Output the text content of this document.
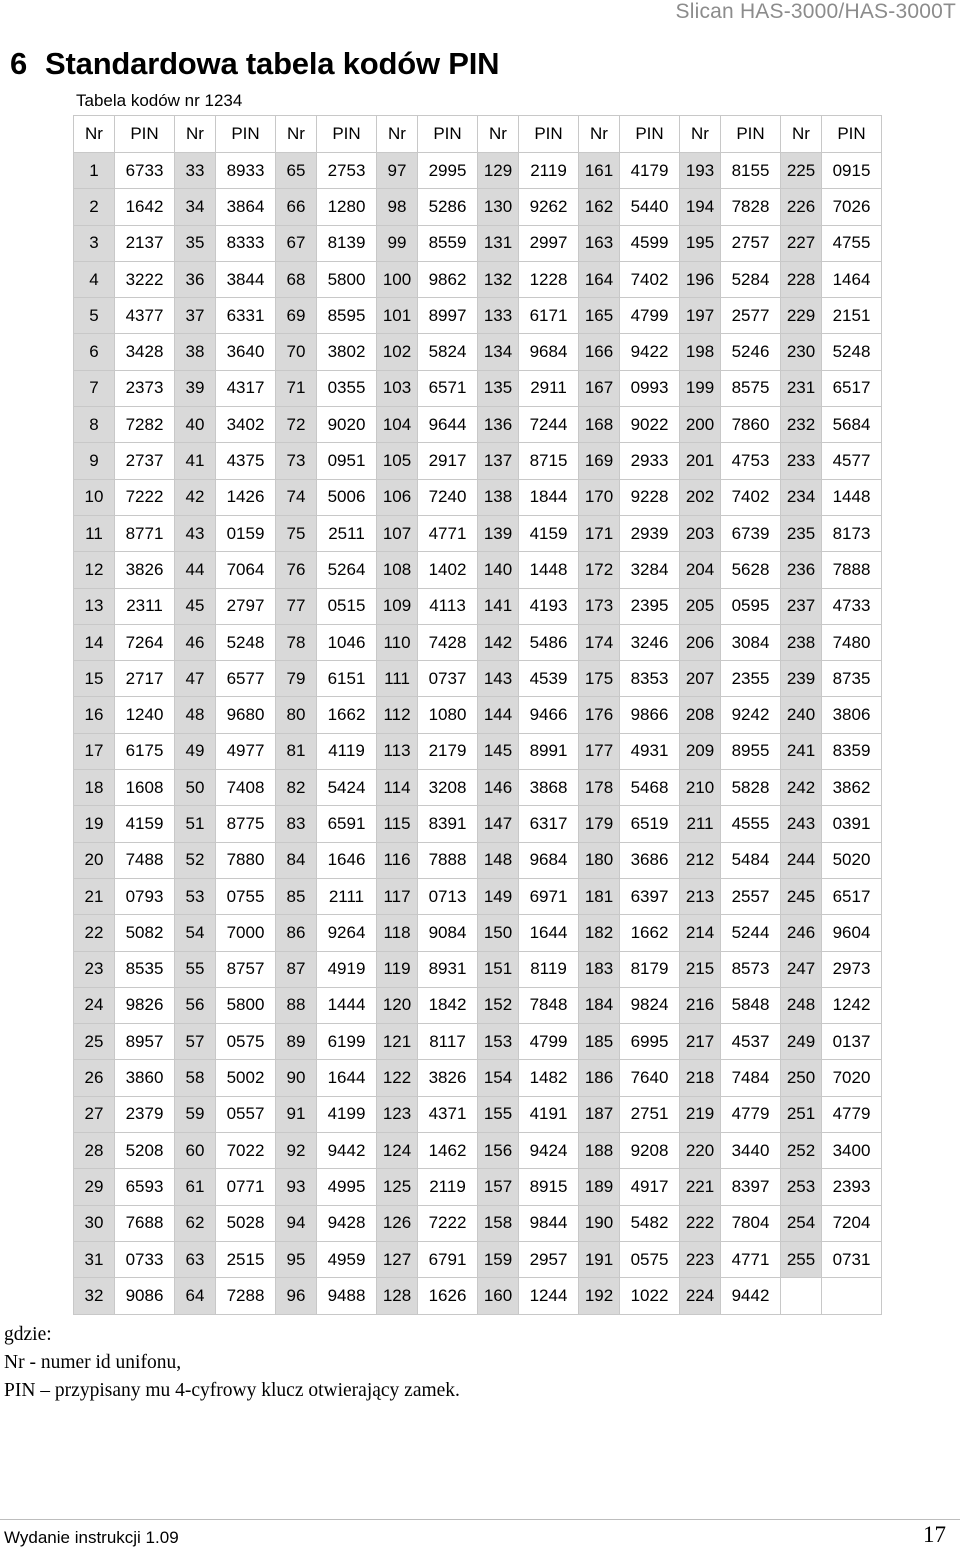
Slican HAS-3000/HAS-3000T
6 Standardowa tabela kodów PIN
Tabela kodów nr 1234
Nr	PIN	Nr	PIN	Nr	PIN	Nr	PIN	Nr	PIN	Nr	PIN	Nr	PIN	Nr	PIN
1	6733	33	8933	65	2753	97	2995	129	2119	161	4179	193	8155	225	0915
2	1642	34	3864	66	1280	98	5286	130	9262	162	5440	194	7828	226	7026
3	2137	35	8333	67	8139	99	8559	131	2997	163	4599	195	2757	227	4755
4	3222	36	3844	68	5800	100	9862	132	1228	164	7402	196	5284	228	1464
5	4377	37	6331	69	8595	101	8997	133	6171	165	4799	197	2577	229	2151
6	3428	38	3640	70	3802	102	5824	134	9684	166	9422	198	5246	230	5248
7	2373	39	4317	71	0355	103	6571	135	2911	167	0993	199	8575	231	6517
8	7282	40	3402	72	9020	104	9644	136	7244	168	9022	200	7860	232	5684
9	2737	41	4375	73	0951	105	2917	137	8715	169	2933	201	4753	233	4577
10	7222	42	1426	74	5006	106	7240	138	1844	170	9228	202	7402	234	1448
11	8771	43	0159	75	2511	107	4771	139	4159	171	2939	203	6739	235	8173
12	3826	44	7064	76	5264	108	1402	140	1448	172	3284	204	5628	236	7888
13	2311	45	2797	77	0515	109	4113	141	4193	173	2395	205	0595	237	4733
14	7264	46	5248	78	1046	110	7428	142	5486	174	3246	206	3084	238	7480
15	2717	47	6577	79	6151	111	0737	143	4539	175	8353	207	2355	239	8735
16	1240	48	9680	80	1662	112	1080	144	9466	176	9866	208	9242	240	3806
17	6175	49	4977	81	4119	113	2179	145	8991	177	4931	209	8955	241	8359
18	1608	50	7408	82	5424	114	3208	146	3868	178	5468	210	5828	242	3862
19	4159	51	8775	83	6591	115	8391	147	6317	179	6519	211	4555	243	0391
20	7488	52	7880	84	1646	116	7888	148	9684	180	3686	212	5484	244	5020
21	0793	53	0755	85	2111	117	0713	149	6971	181	6397	213	2557	245	6517
22	5082	54	7000	86	9264	118	9084	150	1644	182	1662	214	5244	246	9604
23	8535	55	8757	87	4919	119	8931	151	8119	183	8179	215	8573	247	2973
24	9826	56	5800	88	1444	120	1842	152	7848	184	9824	216	5848	248	1242
25	8957	57	0575	89	6199	121	8117	153	4799	185	6995	217	4537	249	0137
26	3860	58	5002	90	1644	122	3826	154	1482	186	7640	218	7484	250	7020
27	2379	59	0557	91	4199	123	4371	155	4191	187	2751	219	4779	251	4779
28	5208	60	7022	92	9442	124	1462	156	9424	188	9208	220	3440	252	3400
29	6593	61	0771	93	4995	125	2119	157	8915	189	4917	221	8397	253	2393
30	7688	62	5028	94	9428	126	7222	158	9844	190	5482	222	7804	254	7204
31	0733	63	2515	95	4959	127	6791	159	2957	191	0575	223	4771	255	0731
32	9086	64	7288	96	9488	128	1626	160	1244	192	1022	224	9442		
gdzie:
Nr - numer id unifonu,
PIN – przypisany mu 4-cyfrowy klucz otwierający zamek.
Wydanie instrukcji 1.09	17
